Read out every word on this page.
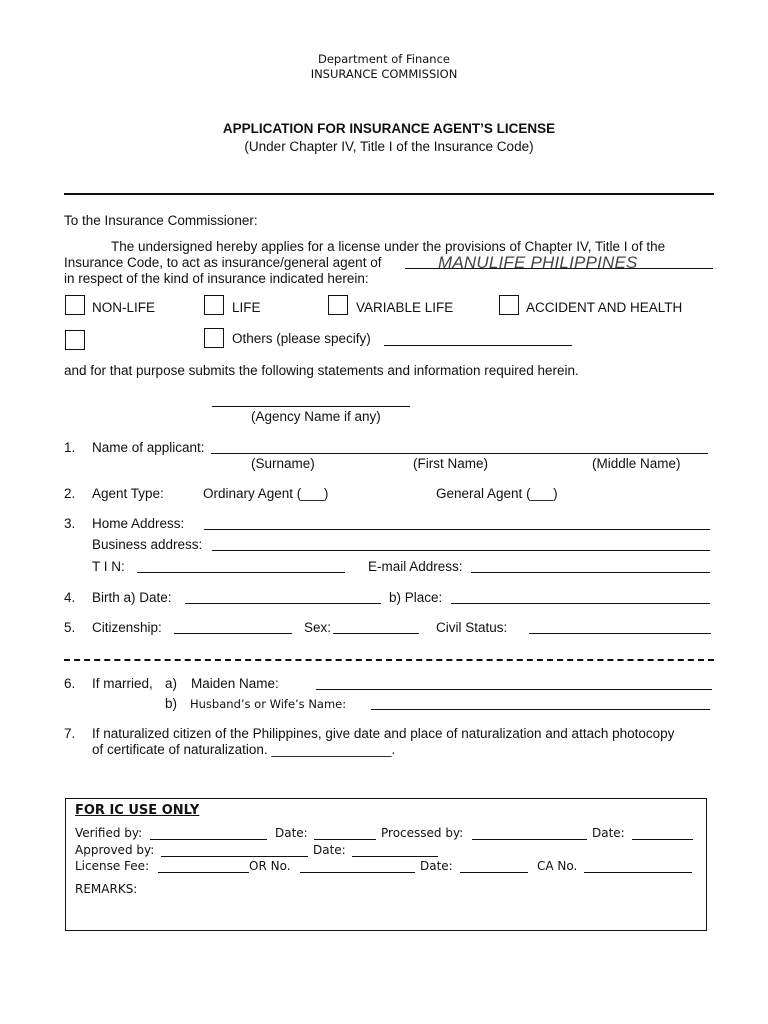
Department of Finance
INSURANCE COMMISSION
APPLICATION FOR INSURANCE AGENT’S LICENSE
(Under Chapter IV, Title I of the Insurance Code)
To the Insurance Commissioner:
The undersigned hereby applies for a license under the provisions of Chapter IV, Title I of the
Insurance Code, to act as insurance/general agent of	MANULIFE PHILIPPINES
in respect of the kind of insurance indicated herein:
NON-LIFE	LIFE	VARIABLE LIFE	ACCIDENT AND HEALTH
Others (please specify)
and for that purpose submits the following statements and information required herein.
(Agency Name if any)
1. Name of applicant:
(Surname)	(First Name)	(Middle Name)
2. Agent Type:	Ordinary Agent (___)	General Agent (___)
3. Home Address:
Business address:
T I N:	E-mail Address:
4. Birth a) Date:	b) Place:
5. Citizenship:	Sex:	Civil Status:
6. If married, a) Maiden Name:
b) Husband’s or Wife’s Name:
7. If naturalized citizen of the Philippines, give date and place of naturalization and attach photocopy
of certificate of naturalization. ________________.
FOR IC USE ONLY
Verified by:	Date:	Processed by:	Date:
Approved by:	Date:
License Fee:	OR No.	Date:	CA No.
REMARKS:
